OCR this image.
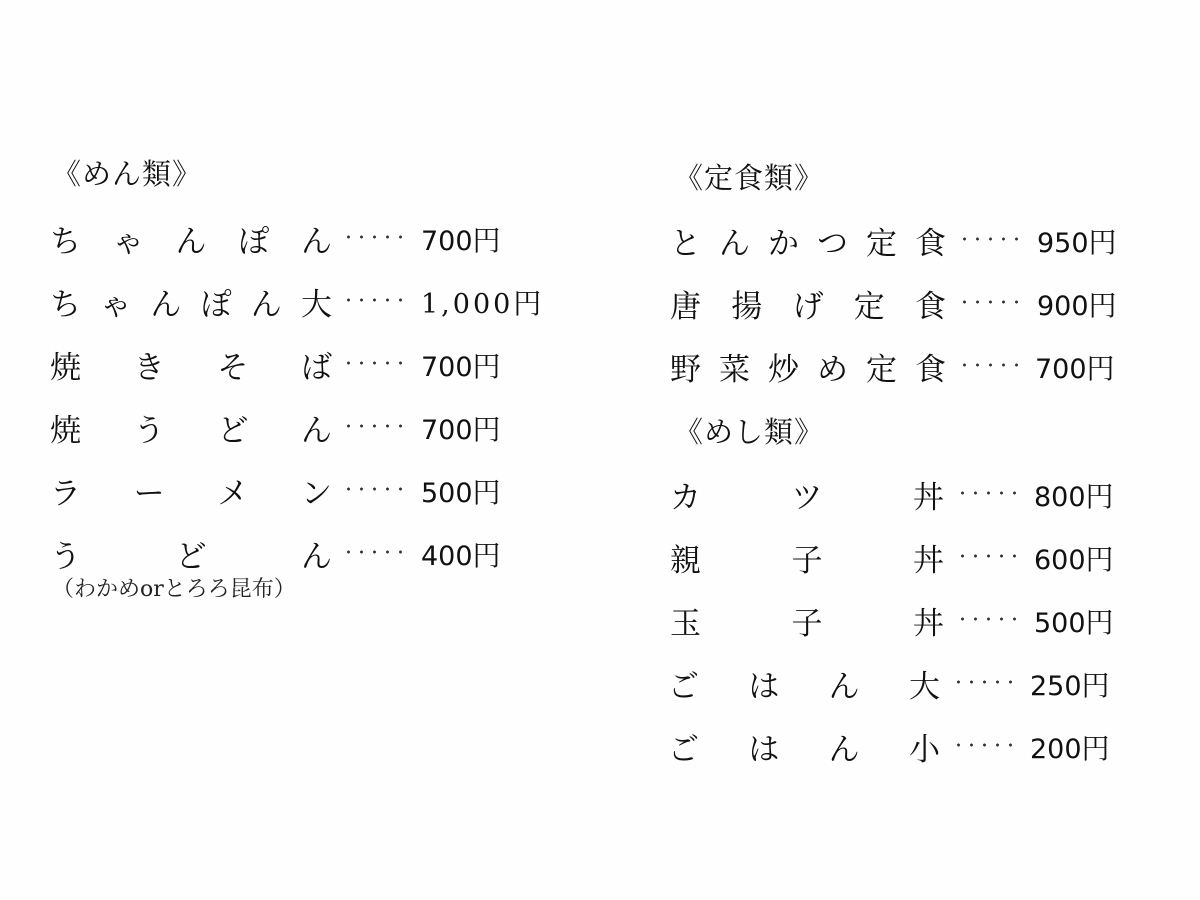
《めん類》
ち ゃ ん ぽ ん	700円
ち ゃ ん ぽ ん 大	1,000円
焼 き そ ば	700円
焼 う ど ん	700円
ラ ー メ ン	500円
う	ど	ん	400円
（わかめorとろろ昆布）
《定食類》
と ん か つ 定 食	950円
唐 揚 げ 定 食	900円
野 菜 炒 め 定 食	700円
《めし類》
カ	ツ	丼	800円
親	子	丼	600円
玉	子	丼	500円
ご は ん 大	250円
ご は ん 小	200円
